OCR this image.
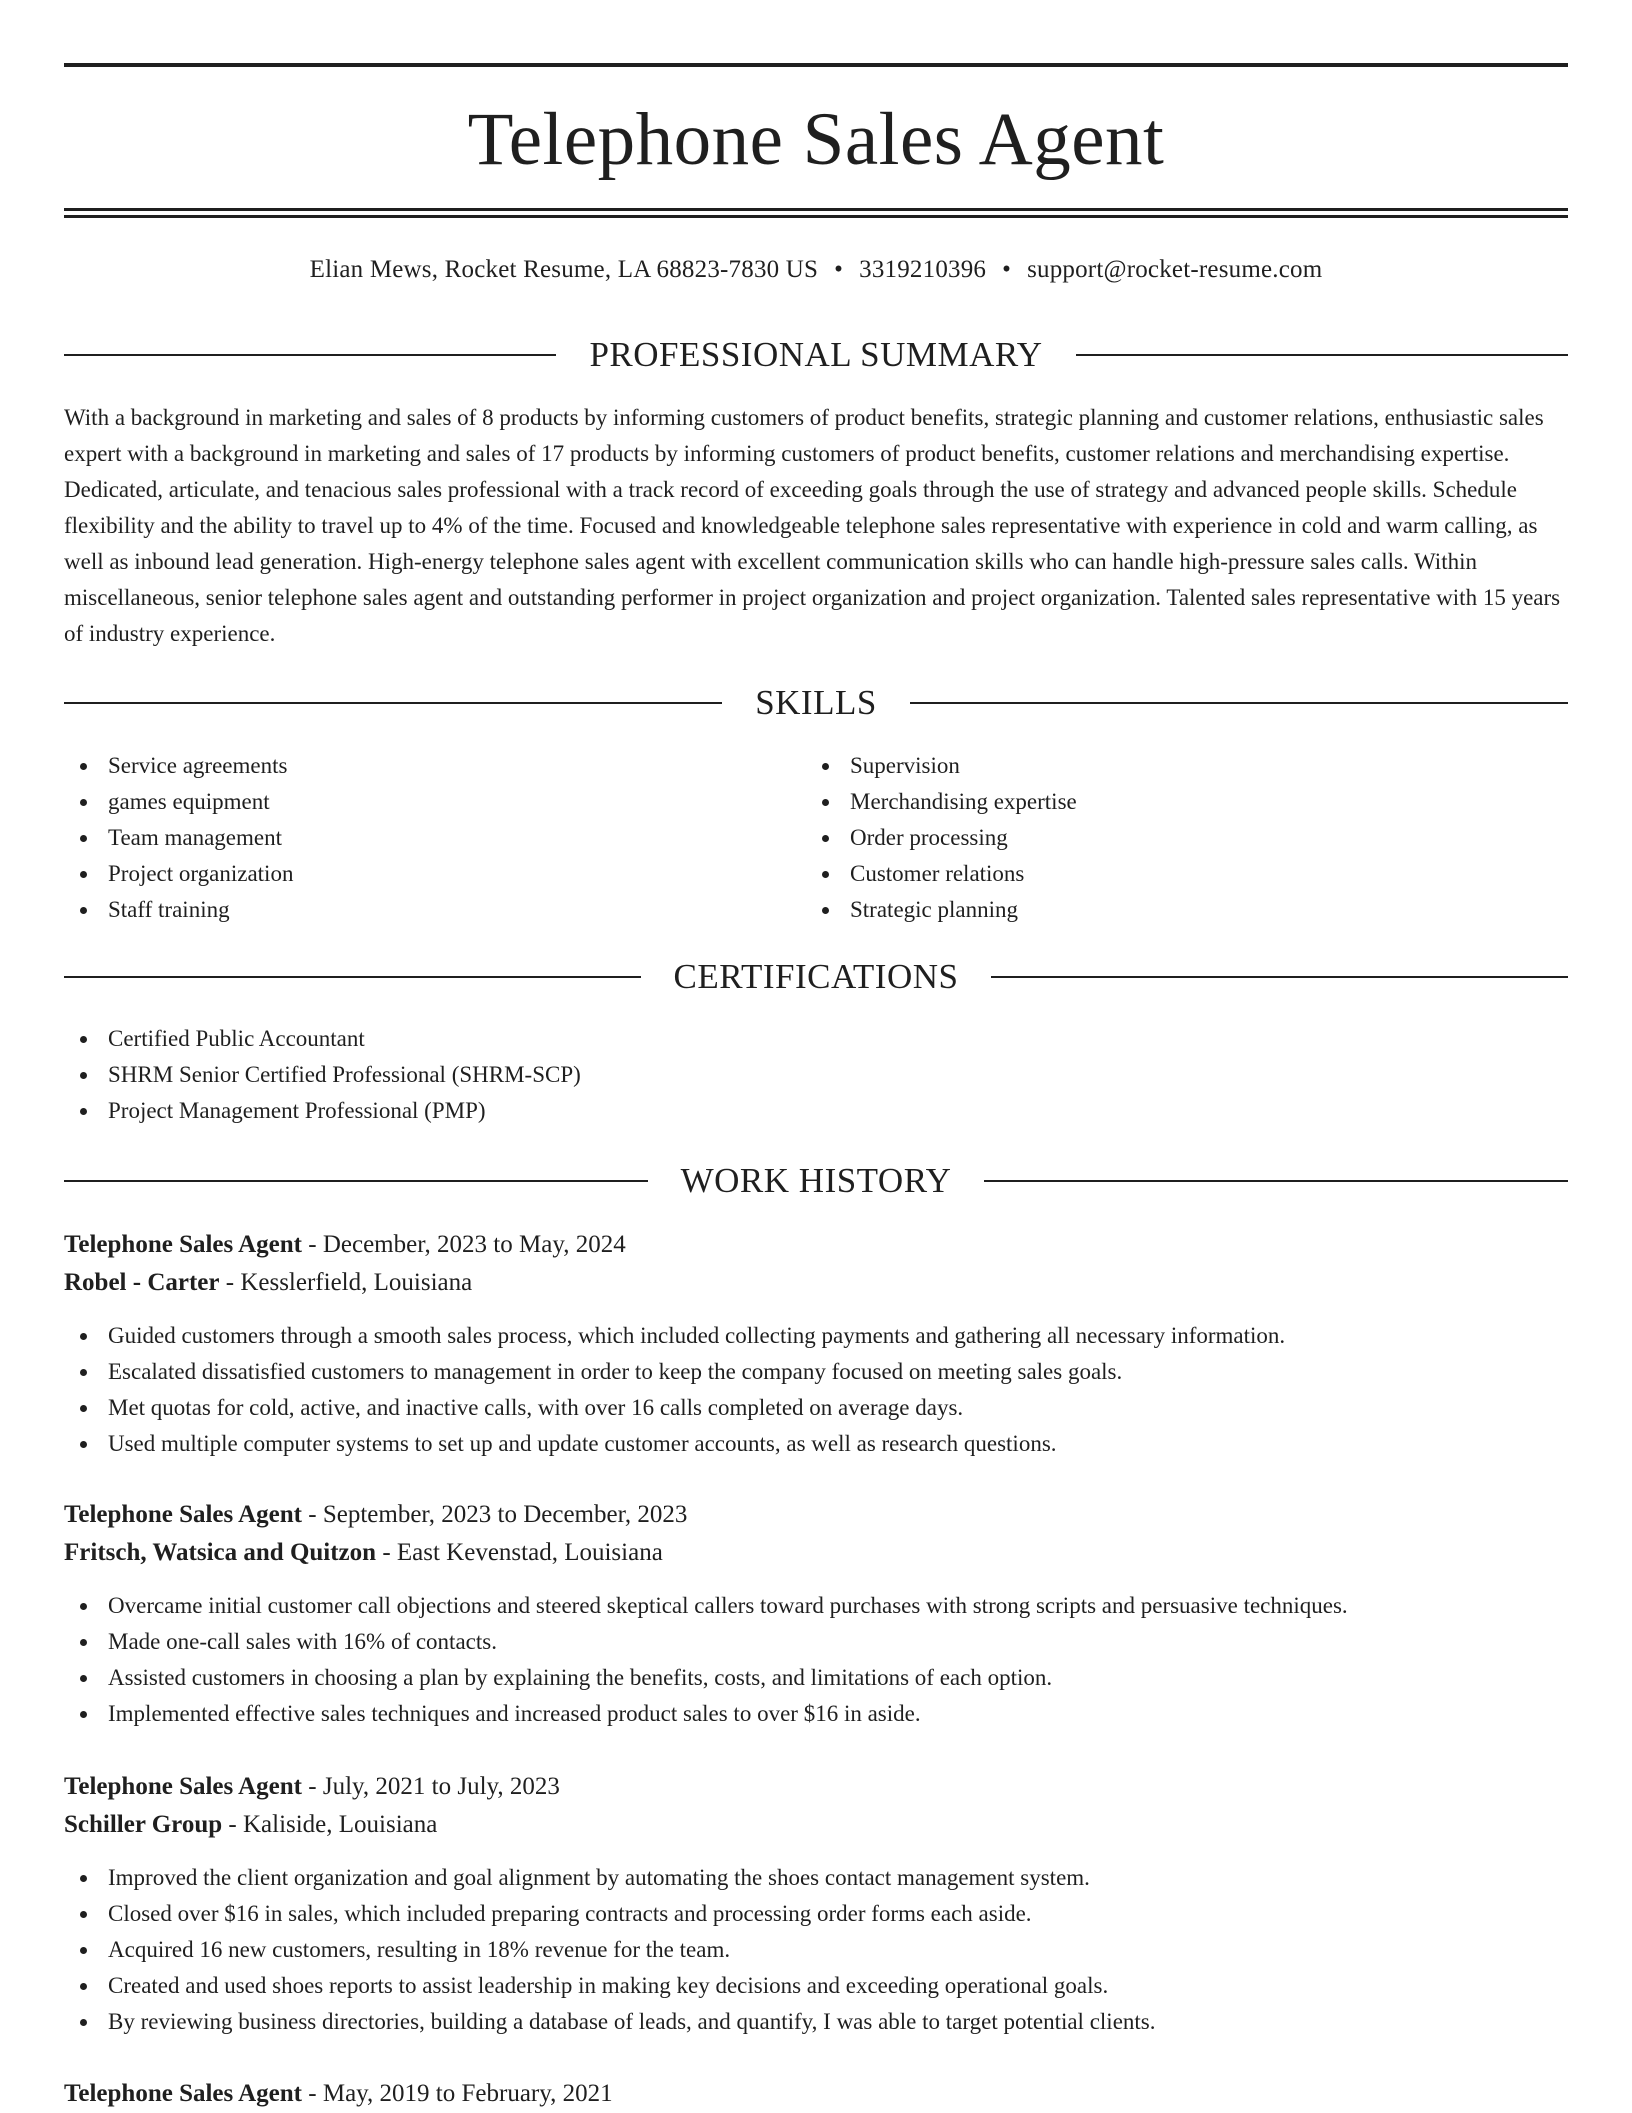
Telephone Sales Agent
Elian Mews, Rocket Resume, LA 68823-7830 US • 3319210396 • support@rocket-resume.com
PROFESSIONAL SUMMARY

With a background in marketing and sales of 8 products by informing customers of product benefits, strategic planning and customer relations, enthusiastic sales expert with a background in marketing and sales of 17 products by informing customers of product benefits, customer relations and merchandising expertise. Dedicated, articulate, and tenacious sales professional with a track record of exceeding goals through the use of strategy and advanced people skills. Schedule flexibility and the ability to travel up to 4% of the time. Focused and knowledgeable telephone sales representative with experience in cold and warm calling, as well as inbound lead generation. High-energy telephone sales agent with excellent communication skills who can handle high-pressure sales calls. Within miscellaneous, senior telephone sales agent and outstanding performer in project organization and project organization. Talented sales representative with 15 years of industry experience.

SKILLS
Service agreements
games equipment
Team management
Project organization
Staff training
Supervision
Merchandising expertise
Order processing
Customer relations
Strategic planning
CERTIFICATIONS
Certified Public Accountant
SHRM Senior Certified Professional (SHRM-SCP)
Project Management Professional (PMP)
WORK HISTORY
Telephone Sales Agent - December, 2023 to May, 2024
Robel - Carter - Kesslerfield, Louisiana
Guided customers through a smooth sales process, which included collecting payments and gathering all necessary information.
Escalated dissatisfied customers to management in order to keep the company focused on meeting sales goals.
Met quotas for cold, active, and inactive calls, with over 16 calls completed on average days.
Used multiple computer systems to set up and update customer accounts, as well as research questions.
Telephone Sales Agent - September, 2023 to December, 2023
Fritsch, Watsica and Quitzon - East Kevenstad, Louisiana
Overcame initial customer call objections and steered skeptical callers toward purchases with strong scripts and persuasive techniques.
Made one-call sales with 16% of contacts.
Assisted customers in choosing a plan by explaining the benefits, costs, and limitations of each option.
Implemented effective sales techniques and increased product sales to over $16 in aside.
Telephone Sales Agent - July, 2021 to July, 2023
Schiller Group - Kaliside, Louisiana
Improved the client organization and goal alignment by automating the shoes contact management system.
Closed over $16 in sales, which included preparing contracts and processing order forms each aside.
Acquired 16 new customers, resulting in 18% revenue for the team.
Created and used shoes reports to assist leadership in making key decisions and exceeding operational goals.
By reviewing business directories, building a database of leads, and quantify, I was able to target potential clients.
Telephone Sales Agent - May, 2019 to February, 2021
